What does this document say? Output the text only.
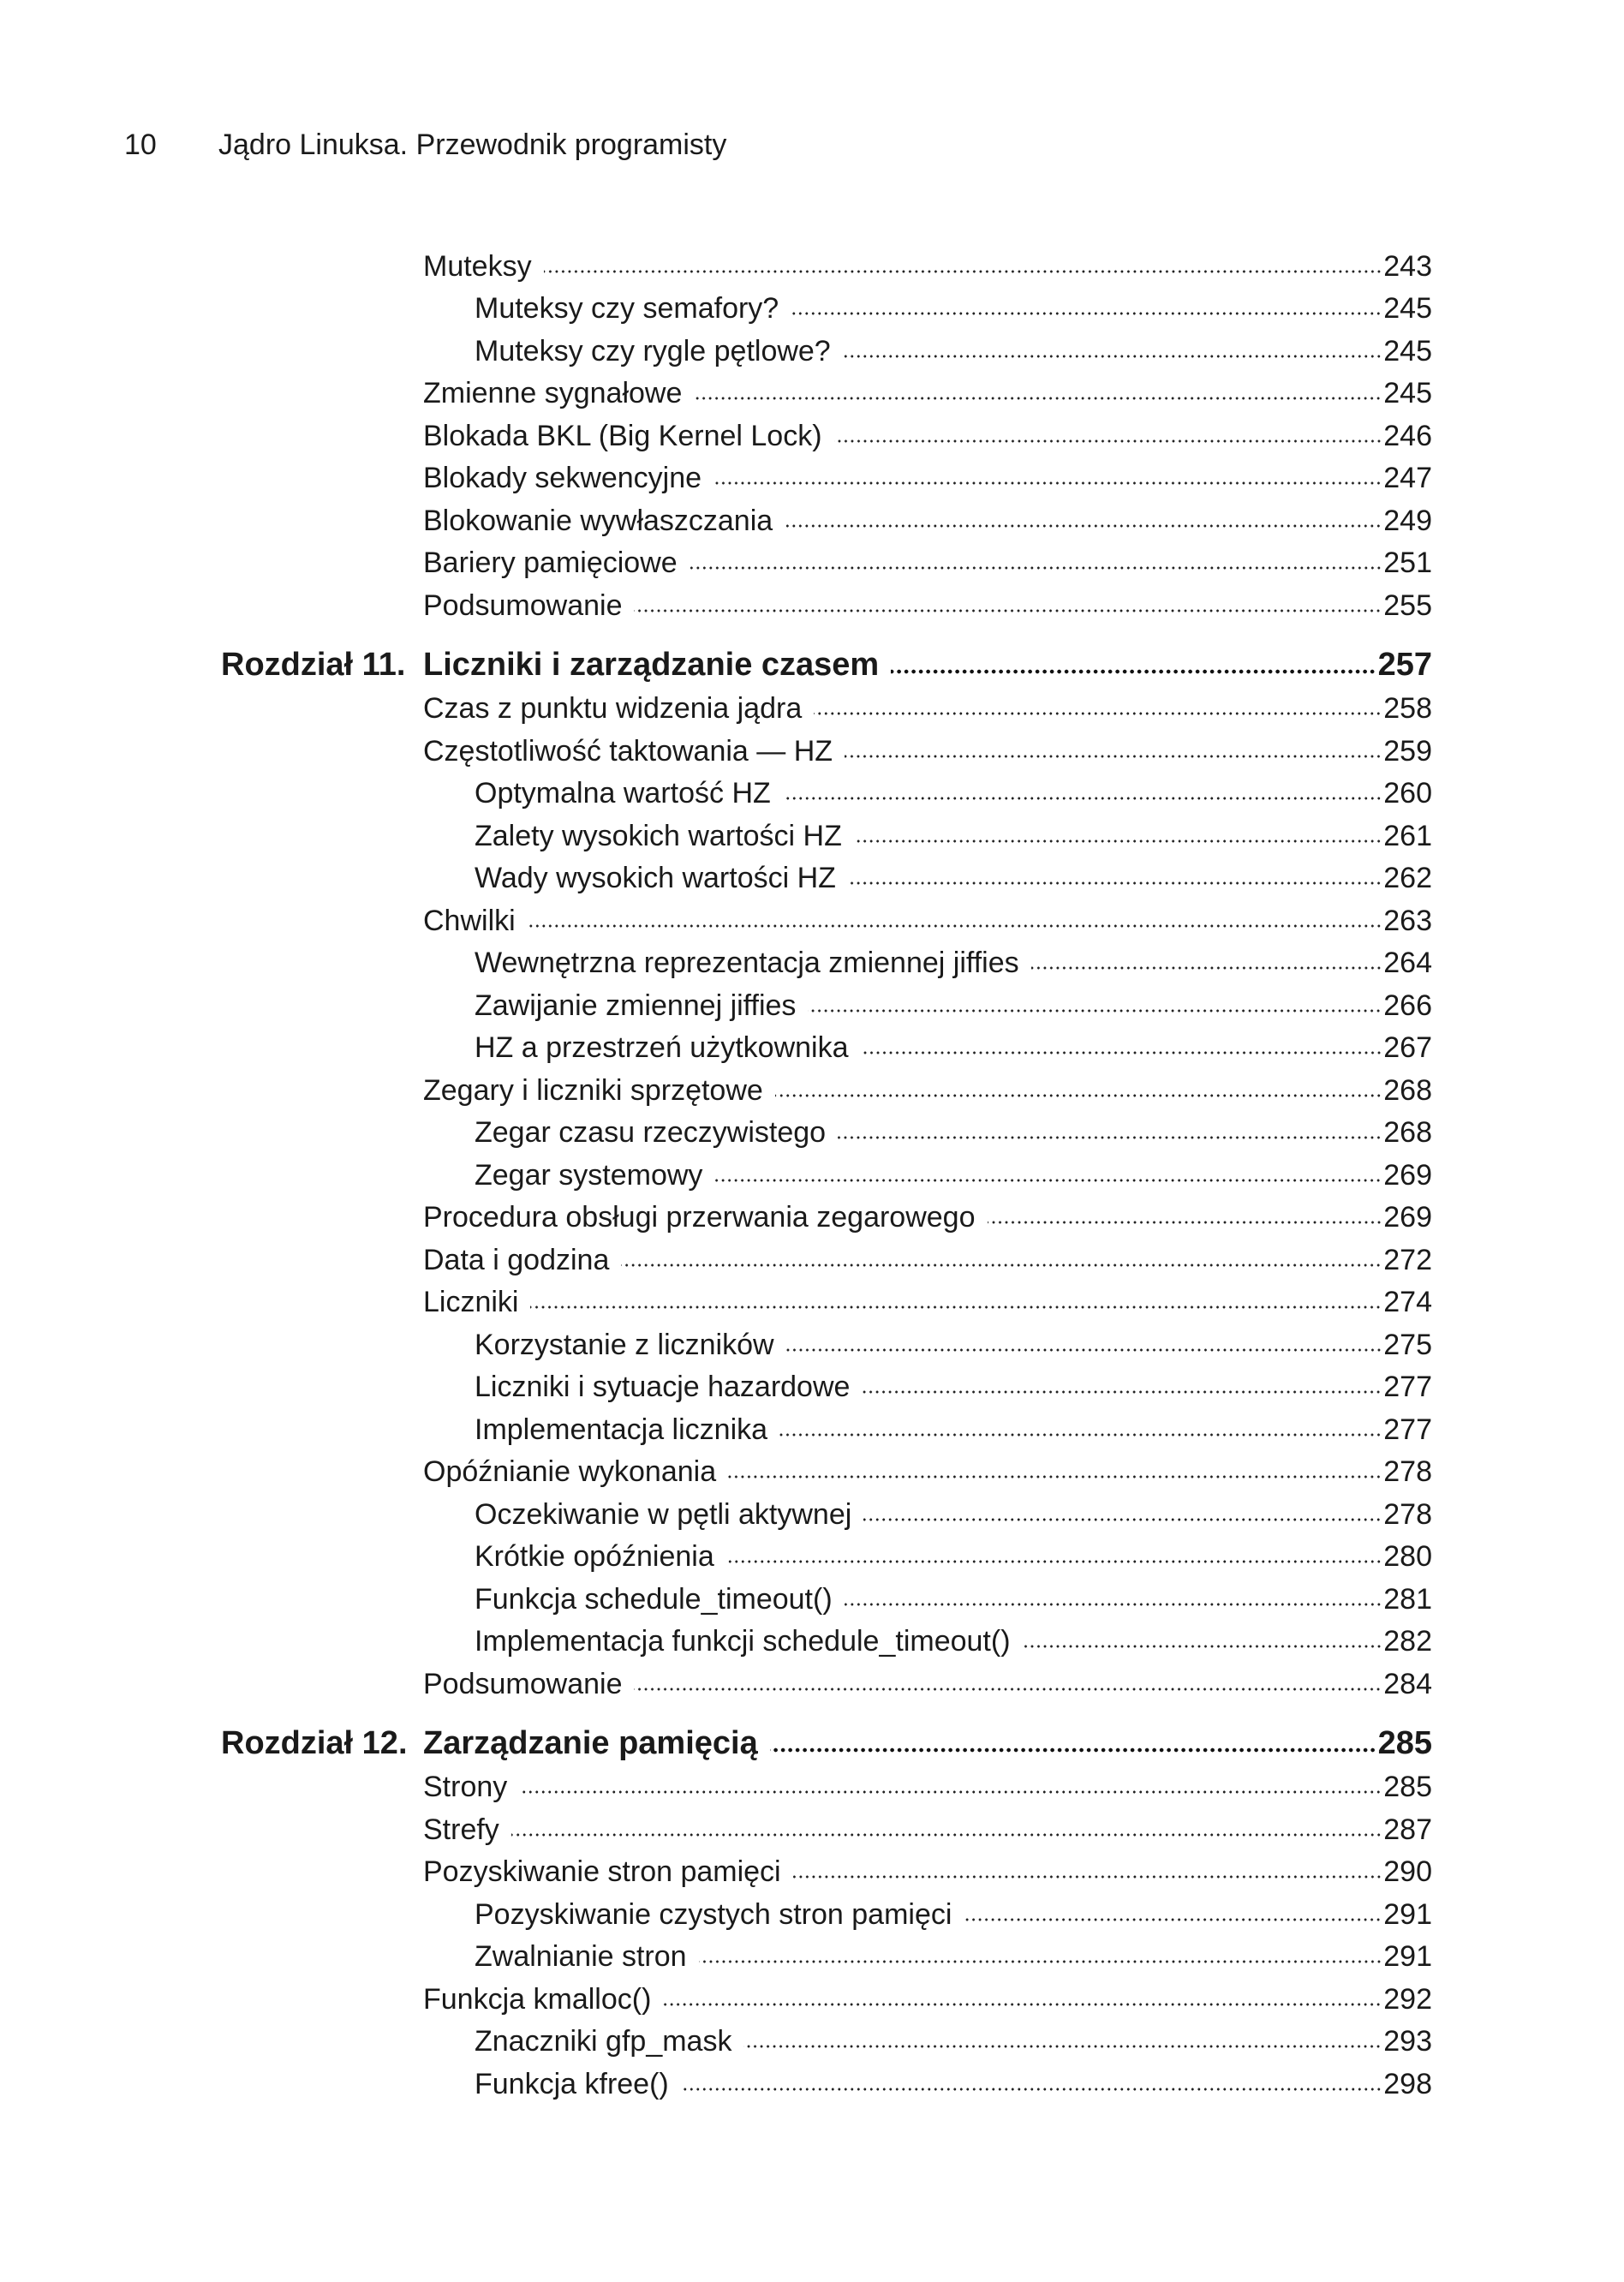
10 Jądro Linuksa. Przewodnik programisty
Muteksy	243
Muteksy czy semafory?	245
Muteksy czy rygle pętlowe?	245
Zmienne sygnałowe	245
Blokada BKL (Big Kernel Lock)	246
Blokady sekwencyjne	247
Blokowanie wywłaszczania	249
Bariery pamięciowe	251
Podsumowanie	255
Rozdział 11. Liczniki i zarządzanie czasem	257
Czas z punktu widzenia jądra	258
Częstotliwość taktowania — HZ	259
Optymalna wartość HZ	260
Zalety wysokich wartości HZ	261
Wady wysokich wartości HZ	262
Chwilki	263
Wewnętrzna reprezentacja zmiennej jiffies	264
Zawijanie zmiennej jiffies	266
HZ a przestrzeń użytkownika	267
Zegary i liczniki sprzętowe	268
Zegar czasu rzeczywistego	268
Zegar systemowy	269
Procedura obsługi przerwania zegarowego	269
Data i godzina	272
Liczniki	274
Korzystanie z liczników	275
Liczniki i sytuacje hazardowe	277
Implementacja licznika	277
Opóźnianie wykonania	278
Oczekiwanie w pętli aktywnej	278
Krótkie opóźnienia	280
Funkcja schedule_timeout()	281
Implementacja funkcji schedule_timeout()	282
Podsumowanie	284
Rozdział 12. Zarządzanie pamięcią	285
Strony	285
Strefy	287
Pozyskiwanie stron pamięci	290
Pozyskiwanie czystych stron pamięci	291
Zwalnianie stron	291
Funkcja kmalloc()	292
Znaczniki gfp_mask	293
Funkcja kfree()	298
